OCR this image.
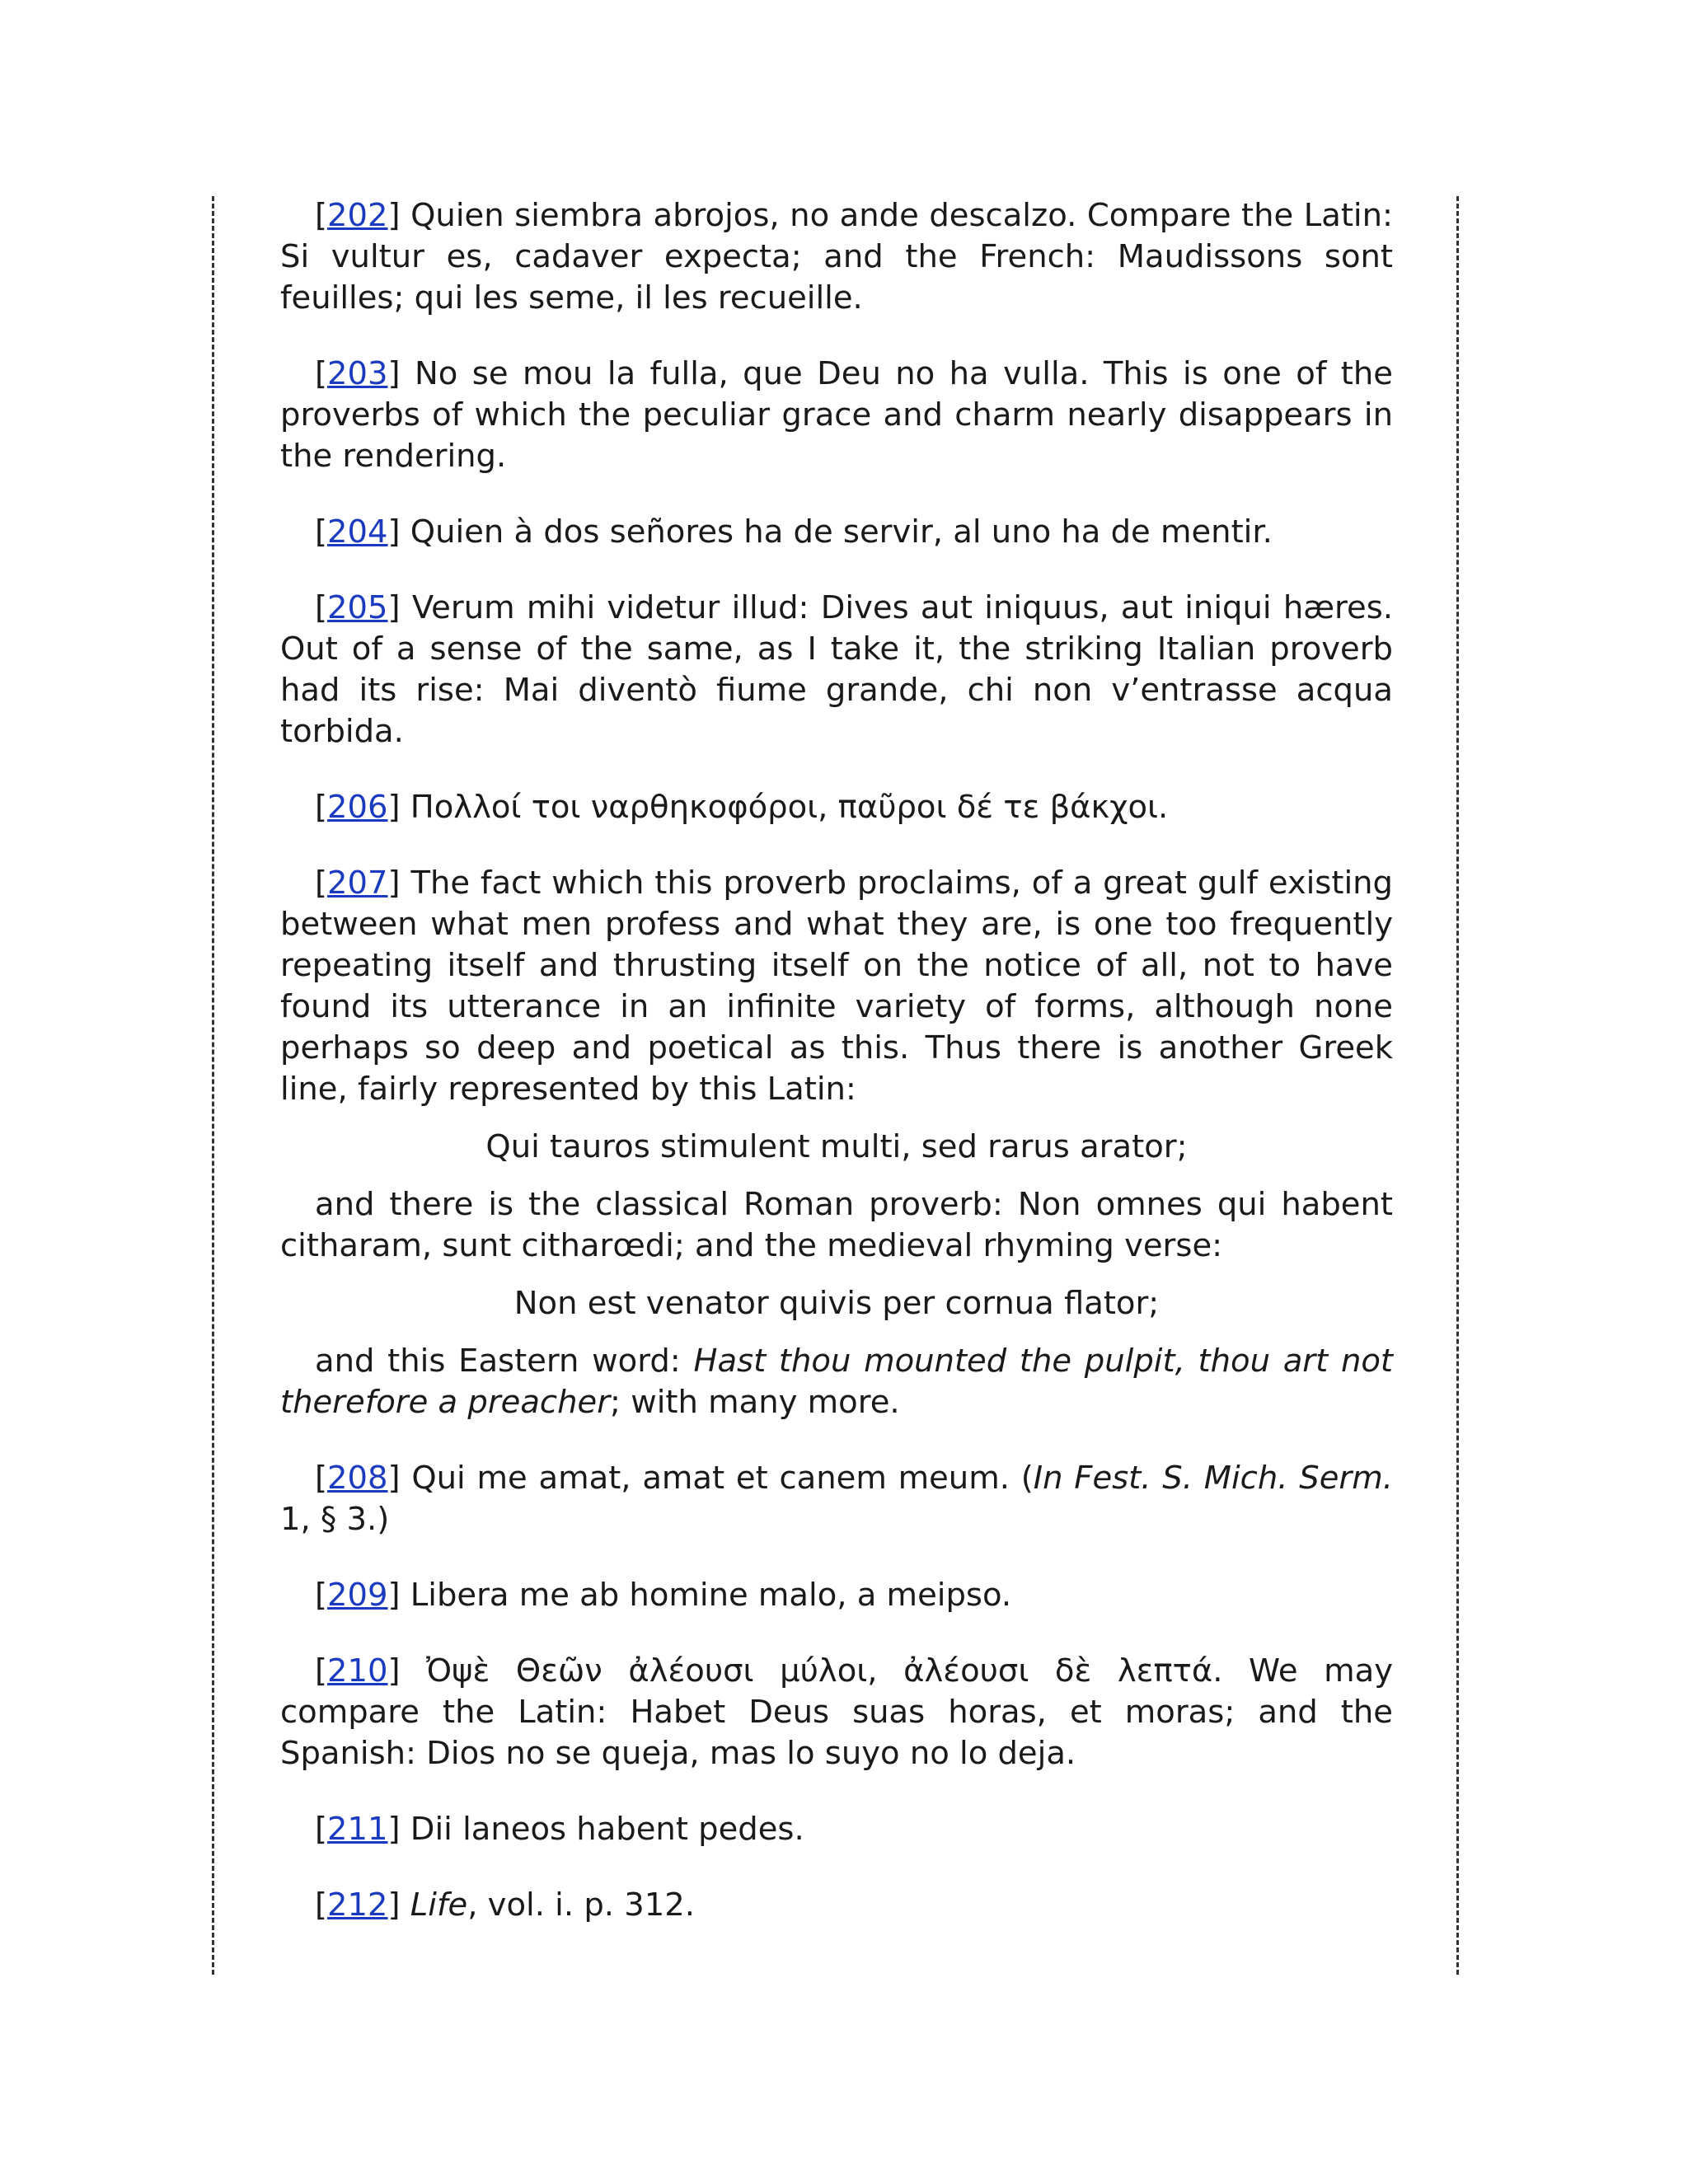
[202] Quien siembra abrojos, no ande descalzo. Compare the Latin: Si vultur es, cadaver expecta; and the French: Maudissons sont feuilles; qui les seme, il les recueille.

[203] No se mou la fulla, que Deu no ha vulla. This is one of the proverbs of which the peculiar grace and charm nearly disappears in the rendering.

[204] Quien à dos señores ha de servir, al uno ha de mentir.

[205] Verum mihi videtur illud: Dives aut iniquus, aut iniqui hæres. Out of a sense of the same, as I take it, the striking Italian proverb had its rise: Mai diventò fiume grande, chi non v’entrasse acqua torbida.

[206] Πολλοί τοι ναρθηκοφόροι, παῦροι δέ τε βάκχοι.

[207] The fact which this proverb proclaims, of a great gulf existing between what men profess and what they are, is one too frequently repeating itself and thrusting itself on the notice of all, not to have found its utterance in an infinite variety of forms, although none perhaps so deep and poetical as this. Thus there is another Greek line, fairly represented by this Latin:

Qui tauros stimulent multi, sed rarus arator;

and there is the classical Roman proverb: Non omnes qui habent citharam, sunt citharœdi; and the medieval rhyming verse:

Non est venator quivis per cornua flator;

and this Eastern word: Hast thou mounted the pulpit, thou art not therefore a preacher; with many more.

[208] Qui me amat, amat et canem meum. (In Fest. S. Mich. Serm. 1, § 3.)

[209] Libera me ab homine malo, a meipso.

[210] Ὀψὲ Θεῶν ἀλέουσι μύλοι, ἀλέουσι δὲ λεπτά. We may compare the Latin: Habet Deus suas horas, et moras; and the Spanish: Dios no se queja, mas lo suyo no lo deja.

[211] Dii laneos habent pedes.

[212] Life, vol. i. p. 312.
